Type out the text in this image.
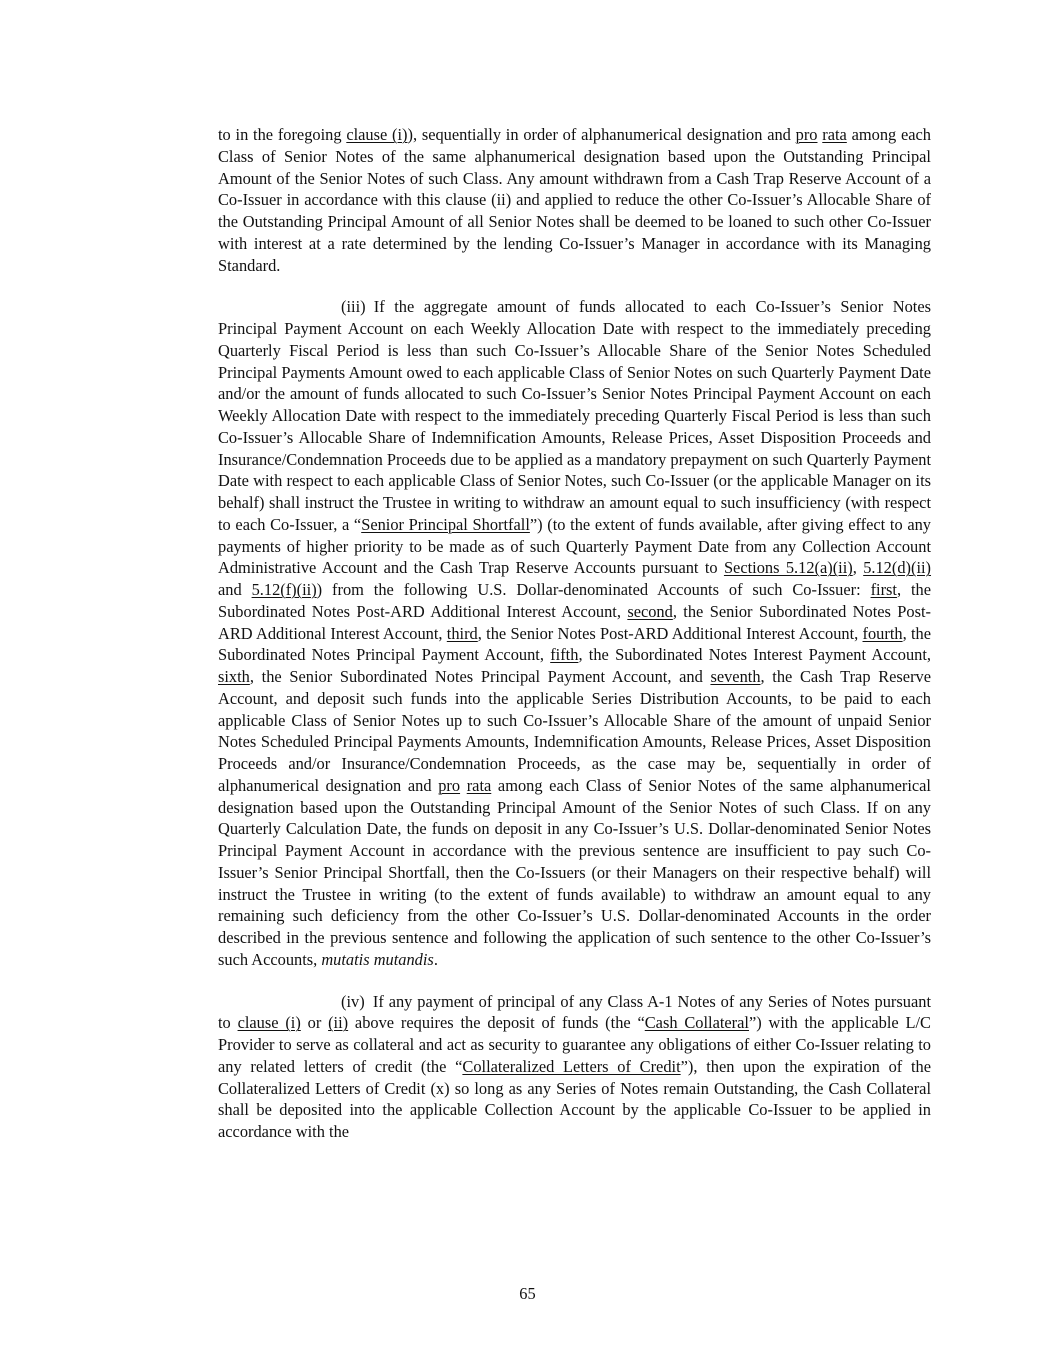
to in the foregoing clause (i)), sequentially in order of alphanumerical designation and pro rata among each Class of Senior Notes of the same alphanumerical designation based upon the Outstanding Principal Amount of the Senior Notes of such Class. Any amount withdrawn from a Cash Trap Reserve Account of a Co-Issuer in accordance with this clause (ii) and applied to reduce the other Co-Issuer’s Allocable Share of the Outstanding Principal Amount of all Senior Notes shall be deemed to be loaned to such other Co-Issuer with interest at a rate determined by the lending Co-Issuer’s Manager in accordance with its Managing Standard.

(iii) If the aggregate amount of funds allocated to each Co-Issuer’s Senior Notes Principal Payment Account on each Weekly Allocation Date with respect to the immediately preceding Quarterly Fiscal Period is less than such Co-Issuer’s Allocable Share of the Senior Notes Scheduled Principal Payments Amount owed to each applicable Class of Senior Notes on such Quarterly Payment Date and/or the amount of funds allocated to such Co-Issuer’s Senior Notes Principal Payment Account on each Weekly Allocation Date with respect to the immediately preceding Quarterly Fiscal Period is less than such Co-Issuer’s Allocable Share of Indemnification Amounts, Release Prices, Asset Disposition Proceeds and Insurance/Condemnation Proceeds due to be applied as a mandatory prepayment on such Quarterly Payment Date with respect to each applicable Class of Senior Notes, such Co-Issuer (or the applicable Manager on its behalf) shall instruct the Trustee in writing to withdraw an amount equal to such insufficiency (with respect to each Co-Issuer, a “Senior Principal Shortfall”) (to the extent of funds available, after giving effect to any payments of higher priority to be made as of such Quarterly Payment Date from any Collection Account Administrative Account and the Cash Trap Reserve Accounts pursuant to Sections 5.12(a)(ii), 5.12(d)(ii) and 5.12(f)(ii)) from the following U.S. Dollar-denominated Accounts of such Co-Issuer: first, the Subordinated Notes Post-ARD Additional Interest Account, second, the Senior Subordinated Notes Post-ARD Additional Interest Account, third, the Senior Notes Post-ARD Additional Interest Account, fourth, the Subordinated Notes Principal Payment Account, fifth, the Subordinated Notes Interest Payment Account, sixth, the Senior Subordinated Notes Principal Payment Account, and seventh, the Cash Trap Reserve Account, and deposit such funds into the applicable Series Distribution Accounts, to be paid to each applicable Class of Senior Notes up to such Co-Issuer’s Allocable Share of the amount of unpaid Senior Notes Scheduled Principal Payments Amounts, Indemnification Amounts, Release Prices, Asset Disposition Proceeds and/or Insurance/Condemnation Proceeds, as the case may be, sequentially in order of alphanumerical designation and pro rata among each Class of Senior Notes of the same alphanumerical designation based upon the Outstanding Principal Amount of the Senior Notes of such Class. If on any Quarterly Calculation Date, the funds on deposit in any Co-Issuer’s U.S. Dollar-denominated Senior Notes Principal Payment Account in accordance with the previous sentence are insufficient to pay such Co-Issuer’s Senior Principal Shortfall, then the Co-Issuers (or their Managers on their respective behalf) will instruct the Trustee in writing (to the extent of funds available) to withdraw an amount equal to any remaining such deficiency from the other Co-Issuer’s U.S. Dollar-denominated Accounts in the order described in the previous sentence and following the application of such sentence to the other Co-Issuer’s such Accounts, mutatis mutandis.

(iv) If any payment of principal of any Class A-1 Notes of any Series of Notes pursuant to clause (i) or (ii) above requires the deposit of funds (the “Cash Collateral”) with the applicable L/C Provider to serve as collateral and act as security to guarantee any obligations of either Co-Issuer relating to any related letters of credit (the “Collateralized Letters of Credit”), then upon the expiration of the Collateralized Letters of Credit (x) so long as any Series of Notes remain Outstanding, the Cash Collateral shall be deposited into the applicable Collection Account by the applicable Co-Issuer to be applied in accordance with the

65
